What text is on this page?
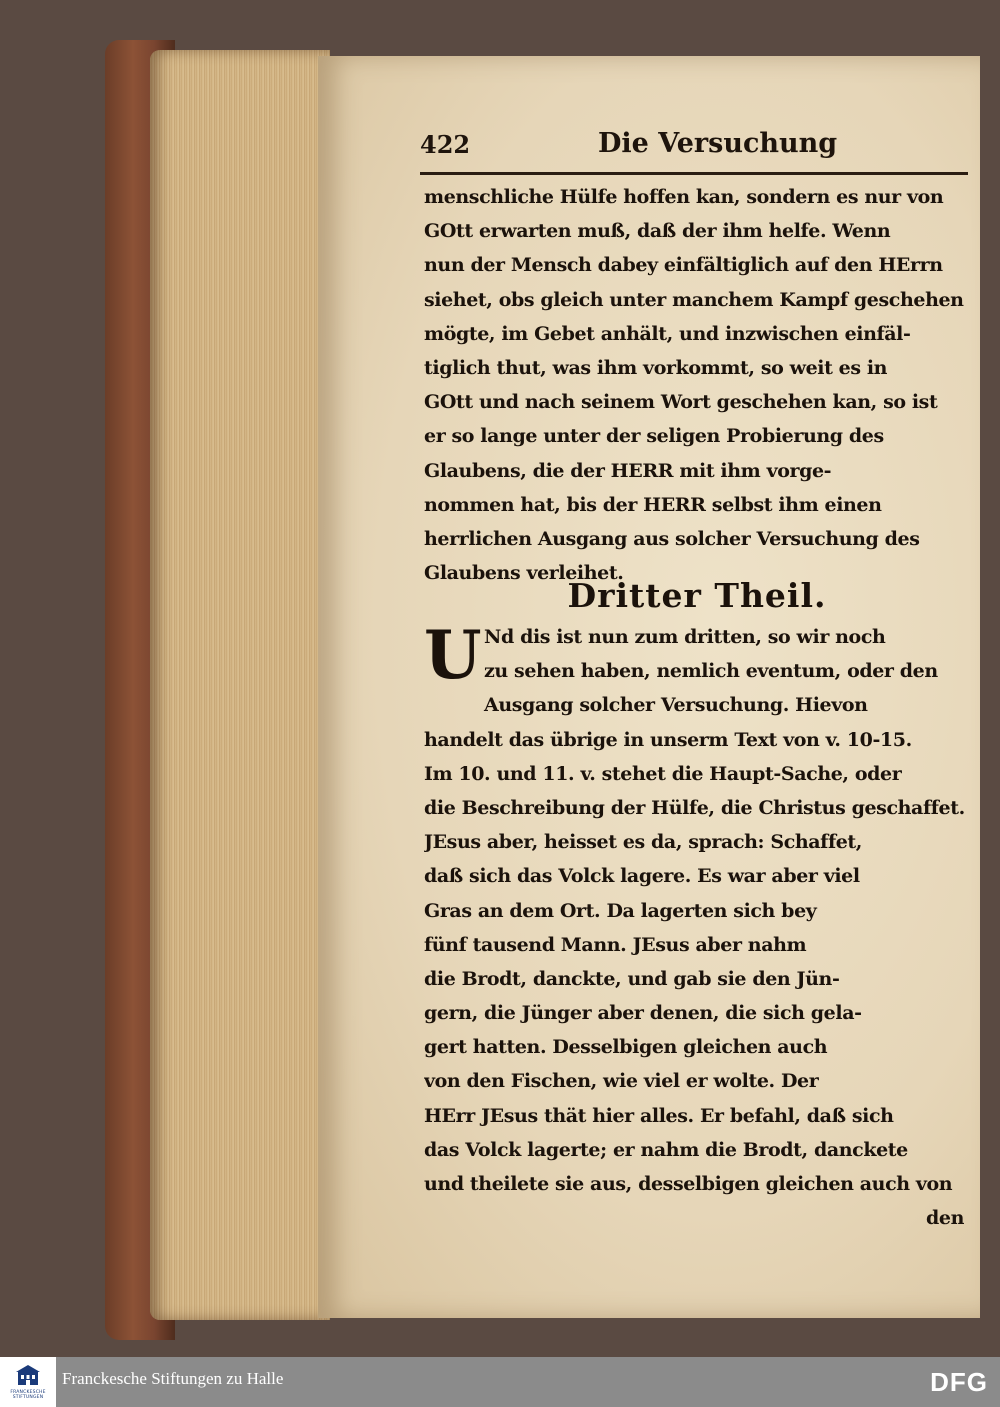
422	Die Versuchung
menschliche Hülfe hoffen kan, sondern es nur von
GOtt erwarten muß, daß der ihm helfe. Wenn
nun der Mensch dabey einfältiglich auf den HErrn
siehet, obs gleich unter manchem Kampf geschehen
mögte, im Gebet anhält, und inzwischen einfäl-
tiglich thut, was ihm vorkommt, so weit es in
GOtt und nach seinem Wort geschehen kan, so ist
er so lange unter der seligen Probierung des
Glaubens, die der HERR mit ihm vorge-
nommen hat, bis der HERR selbst ihm einen
herrlichen Ausgang aus solcher Versuchung des
Glaubens verleihet.
Dritter Theil.
U Nd dis ist nun zum dritten, so wir noch
zu sehen haben, nemlich eventum, oder den
Ausgang solcher Versuchung. Hievon
handelt das übrige in unserm Text von v. 10-15.
Im 10. und 11. v. stehet die Haupt-Sache, oder
die Beschreibung der Hülfe, die Christus geschaffet.
JEsus aber, heisset es da, sprach: Schaffet,
daß sich das Volck lagere. Es war aber viel
Gras an dem Ort. Da lagerten sich bey
fünf tausend Mann. JEsus aber nahm
die Brodt, danckte, und gab sie den Jün-
gern, die Jünger aber denen, die sich gela-
gert hatten. Desselbigen gleichen auch
von den Fischen, wie viel er wolte. Der
HErr JEsus thät hier alles. Er befahl, daß sich
das Volck lagerte; er nahm die Brodt, danckete
und theilete sie aus, desselbigen gleichen auch von
den
FRANCKESCHE
STIFTUNGEN
Franckesche Stiftungen zu Halle	DFG
